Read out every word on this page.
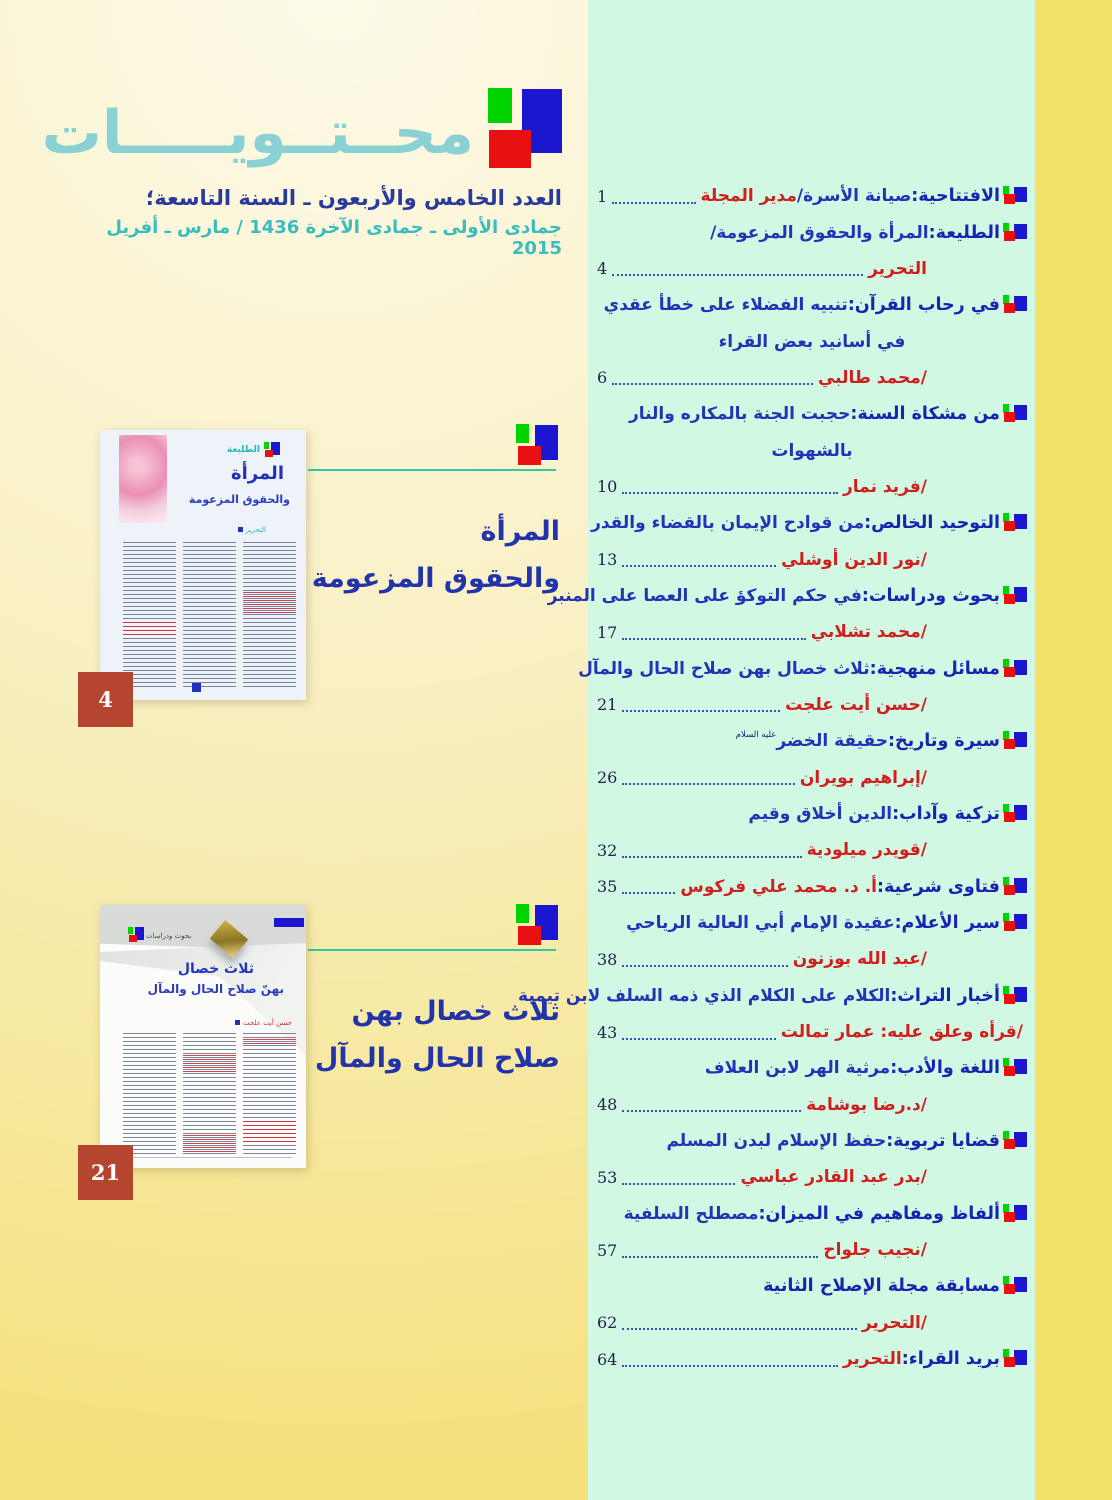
محــتــويـــــات
العدد الخامس والأربعون ـ السنة التاسعة؛
جمادى الأولى ـ جمادى الآخرة 1436 / مارس ـ أفريل 2015
الافتتاحية:
صيانة الأسرة/
مدير المجلة
1
الطليعة:
المرأة والحقوق المزعومة/
التحرير
4
في رحاب القرآن:
تنبيه الفضلاء على خطأ عقدي
في أسانيد بعض القراء
/محمد طالبي
6
من مشكاة السنة:
حجبت الجنة بالمكاره والنار
بالشهوات
/فريد نمار
10
التوحيد الخالص:
من قوادح الإيمان بالقضاء والقدر
/نور الدين أوشلي
13
بحوث ودراسات:
في حكم التوكؤ على العصا على المنبر
/محمد تشلابي
17
مسائل منهجية:
ثلاث خصال بهن صلاح الحال والمآل
/حسن أيت علجت
21
سيرة وتاريخ:
حقيقة الخضر
عليه السلام
/إبراهيم بويران
26
تزكية وآداب:
الدين أخلاق وقيم
/قويدر ميلودية
32
فتاوى شرعية:
أ. د. محمد علي فركوس
35
سير الأعلام:
عقيدة الإمام أبي العالية الرياحي
/عبد الله بوزنون
38
أخبار التراث:
الكلام على الكلام الذي ذمه السلف لابن تيمية
/قرأه وعلق عليه: عمار تمالت
43
اللغة والأدب:
مرثية الهر لابن العلاف
/د.رضا بوشامة
48
قضايا تربوية:
حفظ الإسلام لبدن المسلم
/بدر عبد القادر عباسي
53
ألفاظ ومفاهيم في الميزان:
مصطلح السلفية
/نجيب جلواح
57
مسابقة مجلة الإصلاح الثانية
/التحرير
62
بريد القراء:
التحرير
64
المرأة
والحقوق المزعومة
ثلاث خصال بهن
صلاح الحال والمآل
الطليعة
المرأة
والحقوق المزعومة
التحرير
4
بحوث ودراسات
ثلاث خصال
بهنّ صلاح الحال والمآل
حسن أيت علجت
21
